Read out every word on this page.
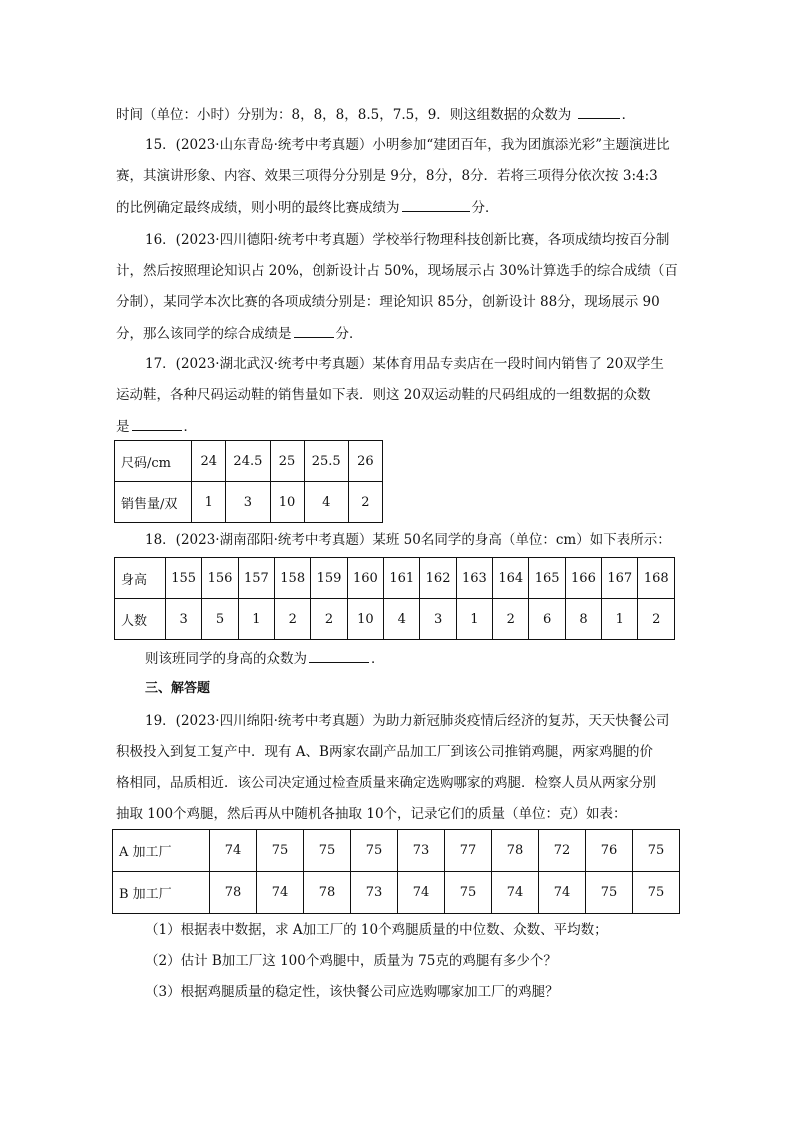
时间（单位：小时）分别为：8，8，8，8.5，7.5，9．则这组数据的众数为	．
15．(2023·山东青岛·统考中考真题）小明参加“建团百年，我为团旗添光彩”主题演进比
赛，其演讲形象、内容、效果三项得分分别是 9分，8分，8分．若将三项得分依次按 3:4:3
的比例确定最终成绩，则小明的最终比赛成绩为	分．
16．(2023·四川德阳·统考中考真题）学校举行物理科技创新比赛，各项成绩均按百分制
计，然后按照理论知识占 20%，创新设计占 50%，现场展示占 30%计算选手的综合成绩（百
分制），某同学本次比赛的各项成绩分别是：理论知识 85分，创新设计 88分，现场展示 90
分，那么该同学的综合成绩是	分．
17．(2023·湖北武汉·统考中考真题）某体育用品专卖店在一段时间内销售了 20双学生
运动鞋，各种尺码运动鞋的销售量如下表．则这 20双运动鞋的尺码组成的一组数据的众数
是	．
尺码/cm	24	24.5	25	25.5	26
销售量/双	1	3	10	4	2
18．(2023·湖南邵阳·统考中考真题）某班 50名同学的身高（单位：cm）如下表所示：
身高	155	156	157	158	159	160	161	162	163	164	165	166	167	168
人数	3	5	1	2	2	10	4	3	1	2	6	8	1	2
则该班同学的身高的众数为	．
三、解答题
19．(2023·四川绵阳·统考中考真题）为助力新冠肺炎疫情后经济的复苏，天天快餐公司
积极投入到复工复产中．现有 A、B两家农副产品加工厂到该公司推销鸡腿，两家鸡腿的价
格相同，品质相近．该公司决定通过检查质量来确定选购哪家的鸡腿．检察人员从两家分别
抽取 100个鸡腿，然后再从中随机各抽取 10个，记录它们的质量（单位：克）如表：
A 加工厂	74	75	75	75	73	77	78	72	76	75
B 加工厂	78	74	78	73	74	75	74	74	75	75
（1）根据表中数据，求 A加工厂的 10个鸡腿质量的中位数、众数、平均数；
（2）估计 B加工厂这 100个鸡腿中，质量为 75克的鸡腿有多少个？
（3）根据鸡腿质量的稳定性，该快餐公司应选购哪家加工厂的鸡腿？
